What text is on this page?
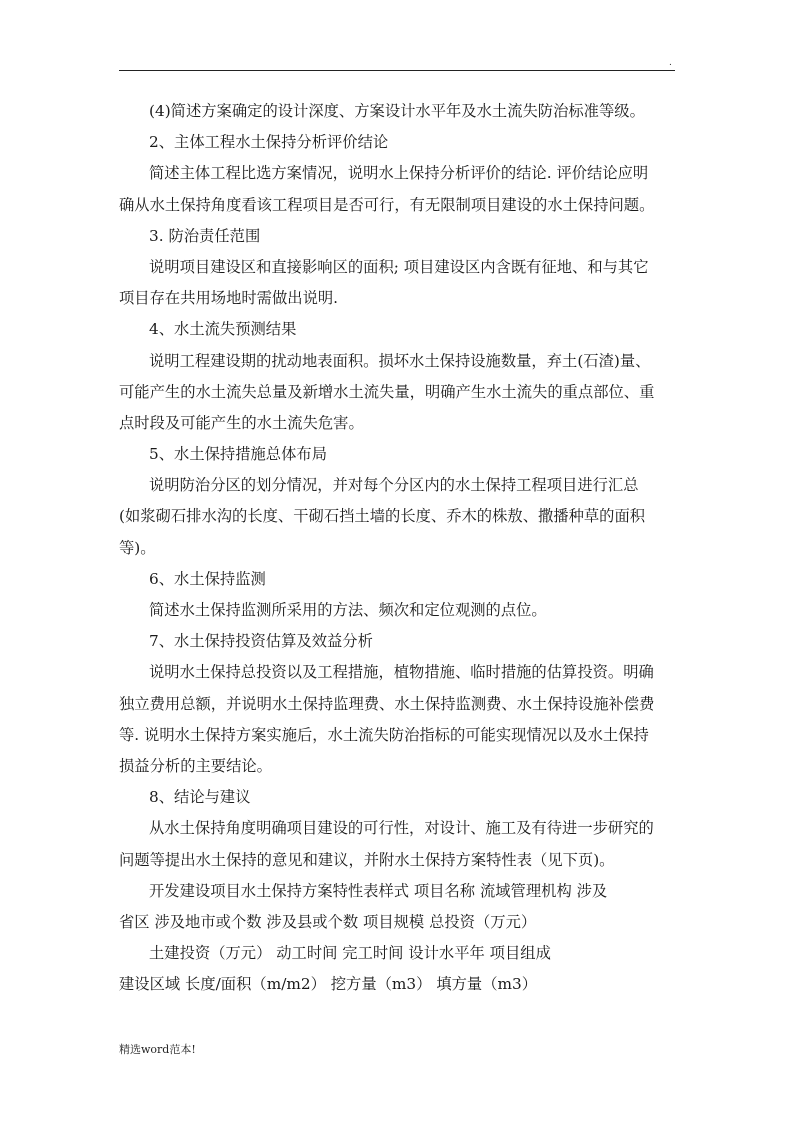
.
(4)简述方案确定的设计深度、方案设计水平年及水土流失防治标准等级。
2、主体工程水土保持分析评价结论
简述主体工程比选方案情况，说明水上保持分析评价的结论. 评价结论应明
确从水土保持角度看该工程项目是否可行，有无限制项目建设的水土保持问题。
3. 防治责任范围
说明项目建设区和直接影响区的面积; 项目建设区内含既有征地、和与其它
项目存在共用场地时需做出说明.
4、水土流失预测结果
说明工程建设期的扰动地表面积。损坏水土保持设施数量，弃土(石渣)量、
可能产生的水土流失总量及新增水土流失量，明确产生水土流失的重点部位、重
点时段及可能产生的水土流失危害。
5、水土保持措施总体布局
说明防治分区的划分情况，并对每个分区内的水土保持工程项目进行汇总
(如浆砌石排水沟的长度、干砌石挡土墙的长度、乔木的株敖、撒播种草的面积
等)。
6、水土保持监测
简述水土保持监测所采用的方法、频次和定位观测的点位。
7、水土保持投资估算及效益分析
说明水土保持总投资以及工程措施，植物措施、临时措施的估算投资。明确
独立费用总额，并说明水土保持监理费、水土保持监测费、水土保持设施补偿费
等. 说明水土保持方案实施后，水土流失防治指标的可能实现情况以及水土保持
损益分析的主要结论。
8、结论与建议
从水土保持角度明确项目建设的可行性，对设计、施工及有待进一步研究的
问题等提出水土保持的意见和建议，并附水土保持方案特性表（见下页)。
开发建设项目水土保持方案特性表样式 项目名称 流域管理机构 涉及
省区 涉及地市或个数 涉及县或个数 项目规模 总投资（万元）
土建投资（万元） 动工时间 完工时间 设计水平年 项目组成
建设区域 长度/面积（m/m2） 挖方量（m3） 填方量（m3）
精选word范本!
